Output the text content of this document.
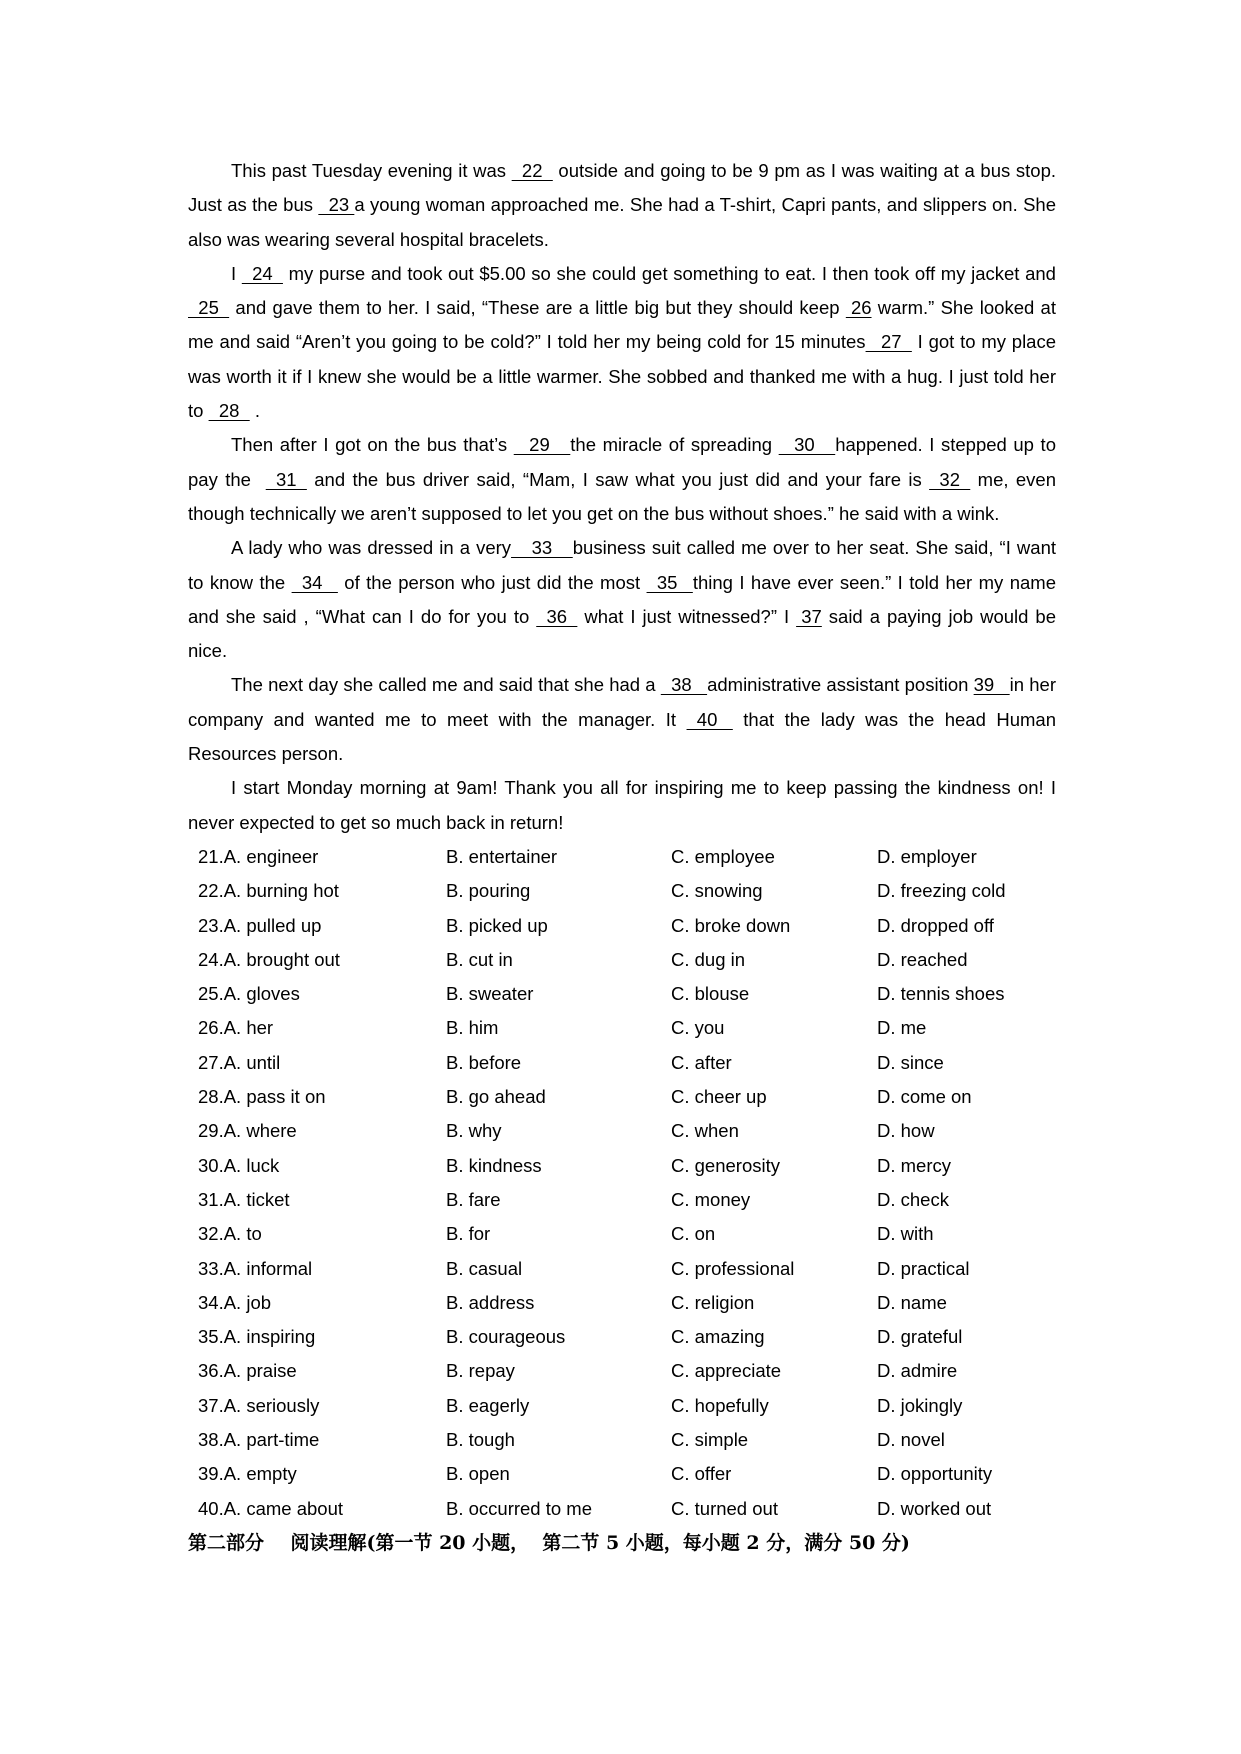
This past Tuesday evening it was   22   outside and going to be 9 pm as I was waiting at a bus stop. Just as the bus   23 a young woman approached me. She had a T-shirt, Capri pants, and slippers on. She also was wearing several hospital bracelets.

I   24   my purse and took out $5.00 so she could get something to eat. I then took off my jacket and    25   and gave them to her. I said, “These are a little big but they should keep  26 warm.” She looked at me and said “Aren’t you going to be cold?” I told her my being cold for 15 minutes   27   I got to my place was worth it if I knew she would be a little warmer. She sobbed and thanked me with a hug. I just told her to   28   .

Then after I got on the bus that’s    29    the miracle of spreading    30    happened. I stepped up to pay the    31   and the bus driver said, “Mam, I saw what you just did and your fare is   32   me, even though technically we aren’t supposed to let you get on the bus without shoes.” he said with a wink.

A lady who was dressed in a very    33    business suit called me over to her seat. She said, “I want to know the   34    of the person who just did the most   35   thing I have ever seen.” I told her my name and she said , “What can I do for you to   36   what I just witnessed?” I  37 said a paying job would be nice.

The next day she called me and said that she had a   38   administrative assistant position 39   in her company and wanted me to meet with the manager. It   40    that the lady was the head Human Resources person.

I start Monday morning at 9am! Thank you all for inspiring me to keep passing the kindness on! I never expected to get so much back in return!

21.A. engineer	B. entertainer	C. employee	D. employer
22.A. burning hot	B. pouring	C. snowing	D. freezing cold
23.A. pulled up	B. picked up	C. broke down	D. dropped off
24.A. brought out	B. cut in	C. dug in	D. reached
25.A. gloves	B. sweater	C. blouse	D. tennis shoes
26.A. her	B. him	C. you	D. me
27.A. until	B. before	C. after	D. since
28.A. pass it on	B. go ahead	C. cheer up	D. come on
29.A. where	B. why	C. when	D. how
30.A. luck	B. kindness	C. generosity	D. mercy
31.A. ticket	B. fare	C. money	D. check
32.A. to	B. for	C. on	D. with
33.A. informal	B. casual	C. professional	D. practical
34.A. job	B. address	C. religion	D. name
35.A. inspiring	B. courageous	C. amazing	D. grateful
36.A. praise	B. repay	C. appreciate	D. admire
37.A. seriously	B. eagerly	C. hopefully	D. jokingly
38.A. part-time	B. tough	C. simple	D. novel
39.A. empty	B. open	C. offer	D. opportunity
40.A. came about	B. occurred to me	C. turned out	D. worked out
第二部分    阅读理解(第一节 20 小题，  第二节 5 小题，每小题 2 分，满分 50 分)
